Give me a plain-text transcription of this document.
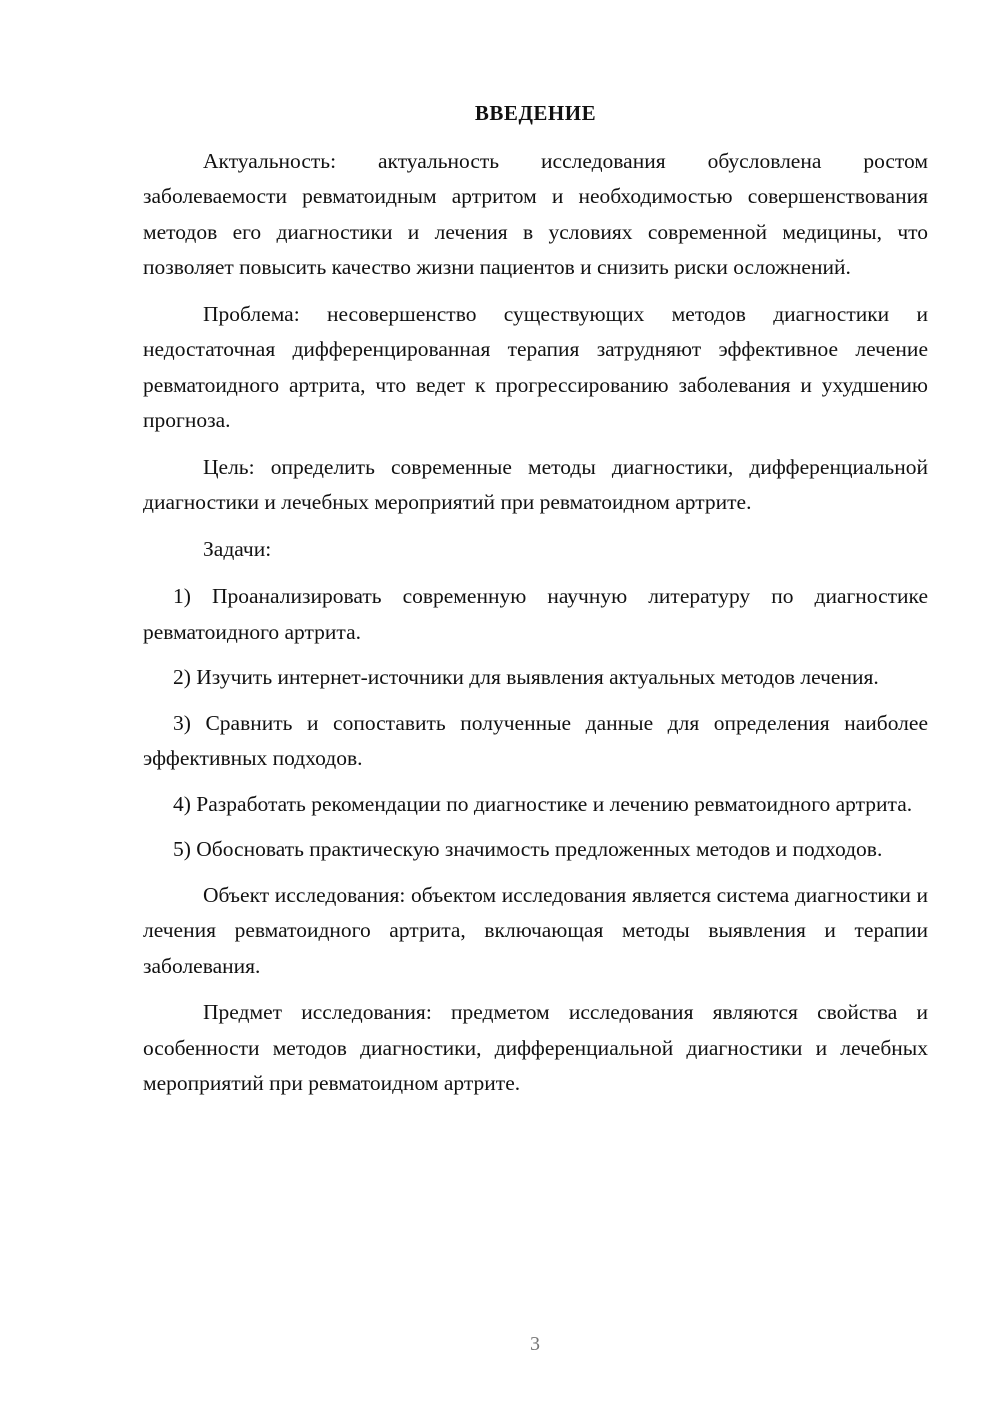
ВВЕДЕНИЕ

Актуальность: актуальность исследования обусловлена ростом заболеваемости ревматоидным артритом и необходимостью совершенствования методов его диагностики и лечения в условиях современной медицины, что позволяет повысить качество жизни пациентов и снизить риски осложнений.

Проблема: несовершенство существующих методов диагностики и недостаточная дифференцированная терапия затрудняют эффективное лечение ревматоидного артрита, что ведет к прогрессированию заболевания и ухудшению прогноза.

Цель: определить современные методы диагностики, дифференциальной диагностики и лечебных мероприятий при ревматоидном артрите.

Задачи:

1) Проанализировать современную научную литературу по диагностике ревматоидного артрита.

2) Изучить интернет-источники для выявления актуальных методов лечения.

3) Сравнить и сопоставить полученные данные для определения наиболее эффективных подходов.

4) Разработать рекомендации по диагностике и лечению ревматоидного артрита.

5) Обосновать практическую значимость предложенных методов и подходов.

Объект исследования: объектом исследования является система диагностики и лечения ревматоидного артрита, включающая методы выявления и терапии заболевания.

Предмет исследования: предметом исследования являются свойства и особенности методов диагностики, дифференциальной диагностики и лечебных мероприятий при ревматоидном артрите.

3
